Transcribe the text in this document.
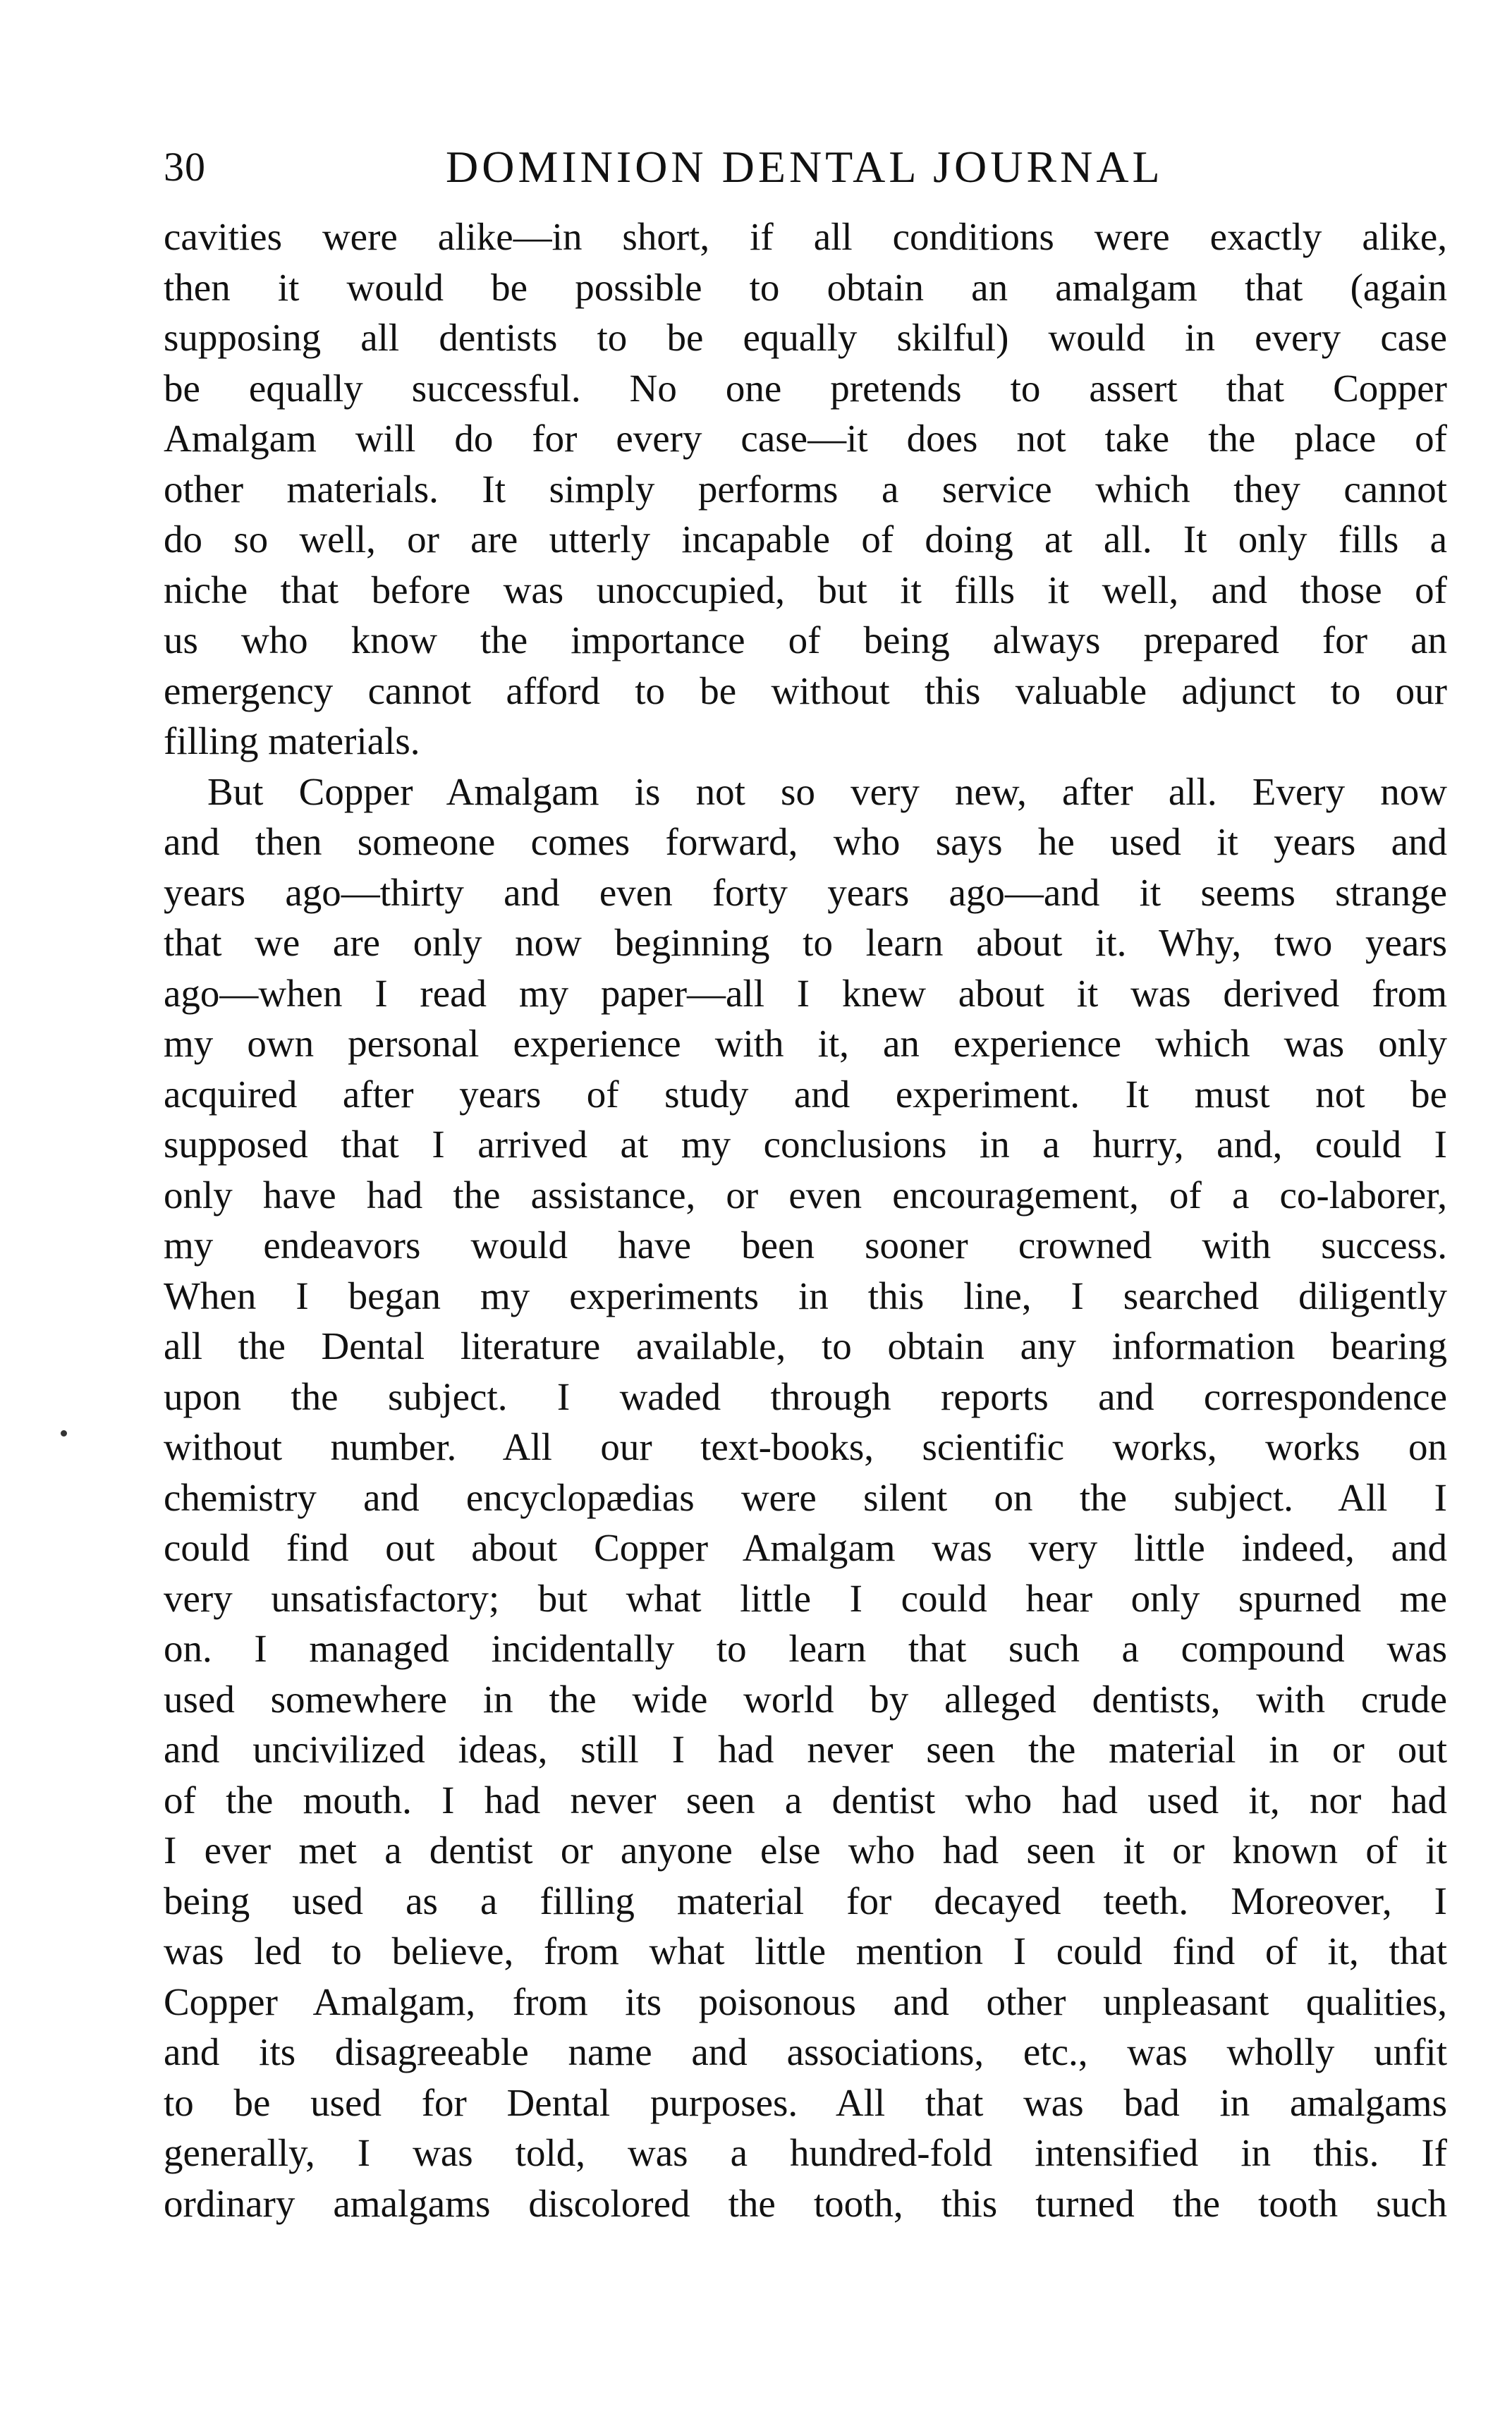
30	DOMINION DENTAL JOURNAL
cavities were alike—in short, if all conditions were exactly alike,
then it would be possible to obtain an amalgam that (again
supposing all dentists to be equally skilful) would in every case
be equally successful. No one pretends to assert that Copper
Amalgam will do for every case—it does not take the place of
other materials. It simply performs a service which they cannot
do so well, or are utterly incapable of doing at all. It only fills a
niche that before was unoccupied, but it fills it well, and those of
us who know the importance of being always prepared for an
emergency cannot afford to be without this valuable adjunct to our
filling materials.
But Copper Amalgam is not so very new, after all. Every now
and then someone comes forward, who says he used it years and
years ago—thirty and even forty years ago—and it seems strange
that we are only now beginning to learn about it. Why, two years
ago—when I read my paper—all I knew about it was derived from
my own personal experience with it, an experience which was only
acquired after years of study and experiment. It must not be
supposed that I arrived at my conclusions in a hurry, and, could I
only have had the assistance, or even encouragement, of a co-laborer,
my endeavors would have been sooner crowned with success.
When I began my experiments in this line, I searched diligently
all the Dental literature available, to obtain any information bearing
upon the subject. I waded through reports and correspondence
without number. All our text-books, scientific works, works on
chemistry and encyclopædias were silent on the subject. All I
could find out about Copper Amalgam was very little indeed, and
very unsatisfactory; but what little I could hear only spurned me
on. I managed incidentally to learn that such a compound was
used somewhere in the wide world by alleged dentists, with crude
and uncivilized ideas, still I had never seen the material in or out
of the mouth. I had never seen a dentist who had used it, nor had
I ever met a dentist or anyone else who had seen it or known of it
being used as a filling material for decayed teeth. Moreover, I
was led to believe, from what little mention I could find of it, that
Copper Amalgam, from its poisonous and other unpleasant qualities,
and its disagreeable name and associations, etc., was wholly unfit
to be used for Dental purposes. All that was bad in amalgams
generally, I was told, was a hundred-fold intensified in this. If
ordinary amalgams discolored the tooth, this turned the tooth such
